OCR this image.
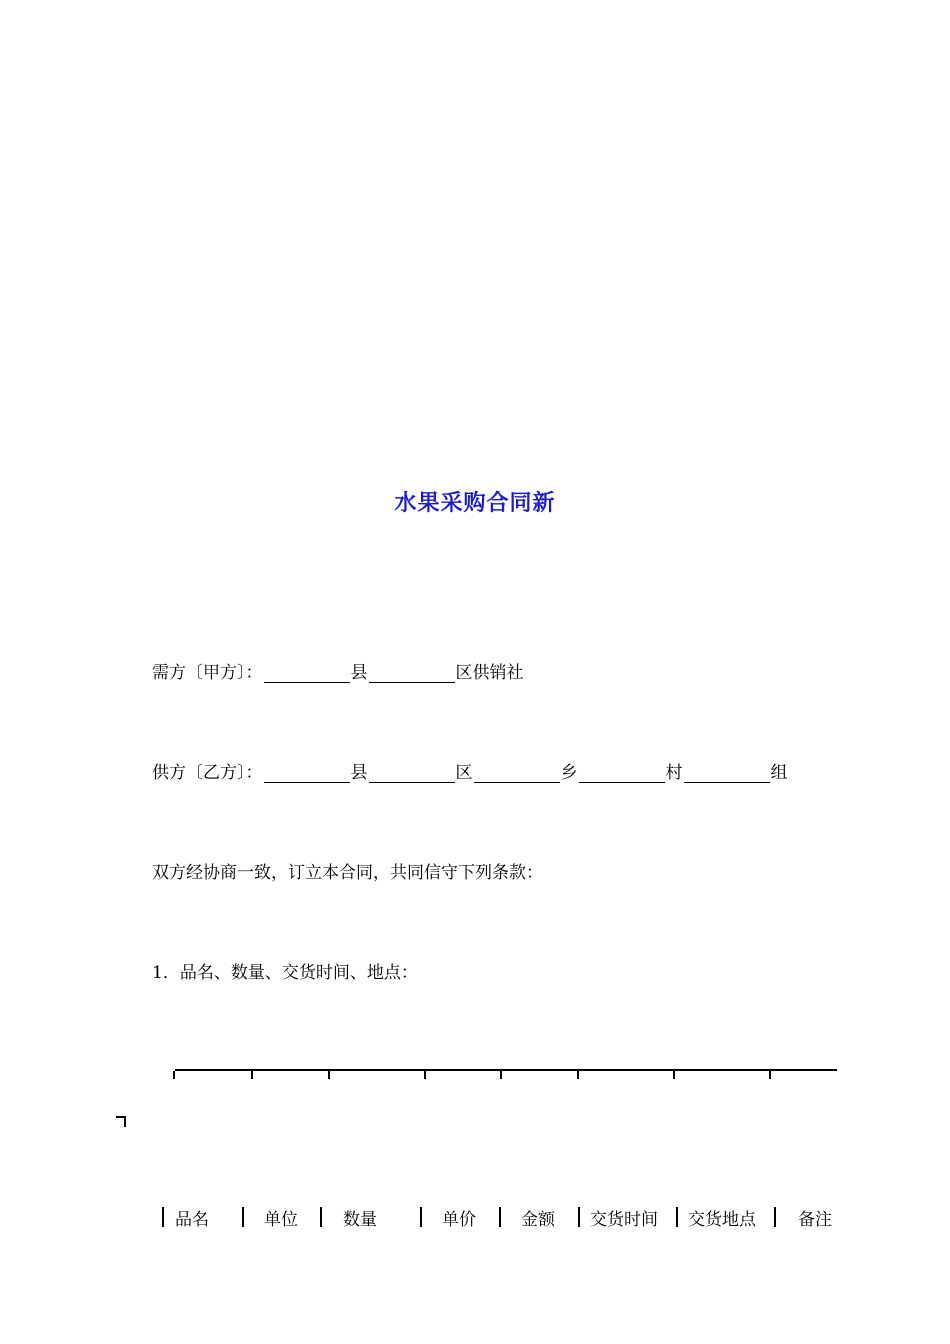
水果采购合同新
需方〔甲方〕：	县	区供销社
供方〔乙方〕：	县	区	乡	村	组
双方经协商一致，订立本合同，共同信守下列条款：
1．品名、数量、交货时间、地点：
品名	单位	数量	单价	金额 交货时间 交货地点 备注
